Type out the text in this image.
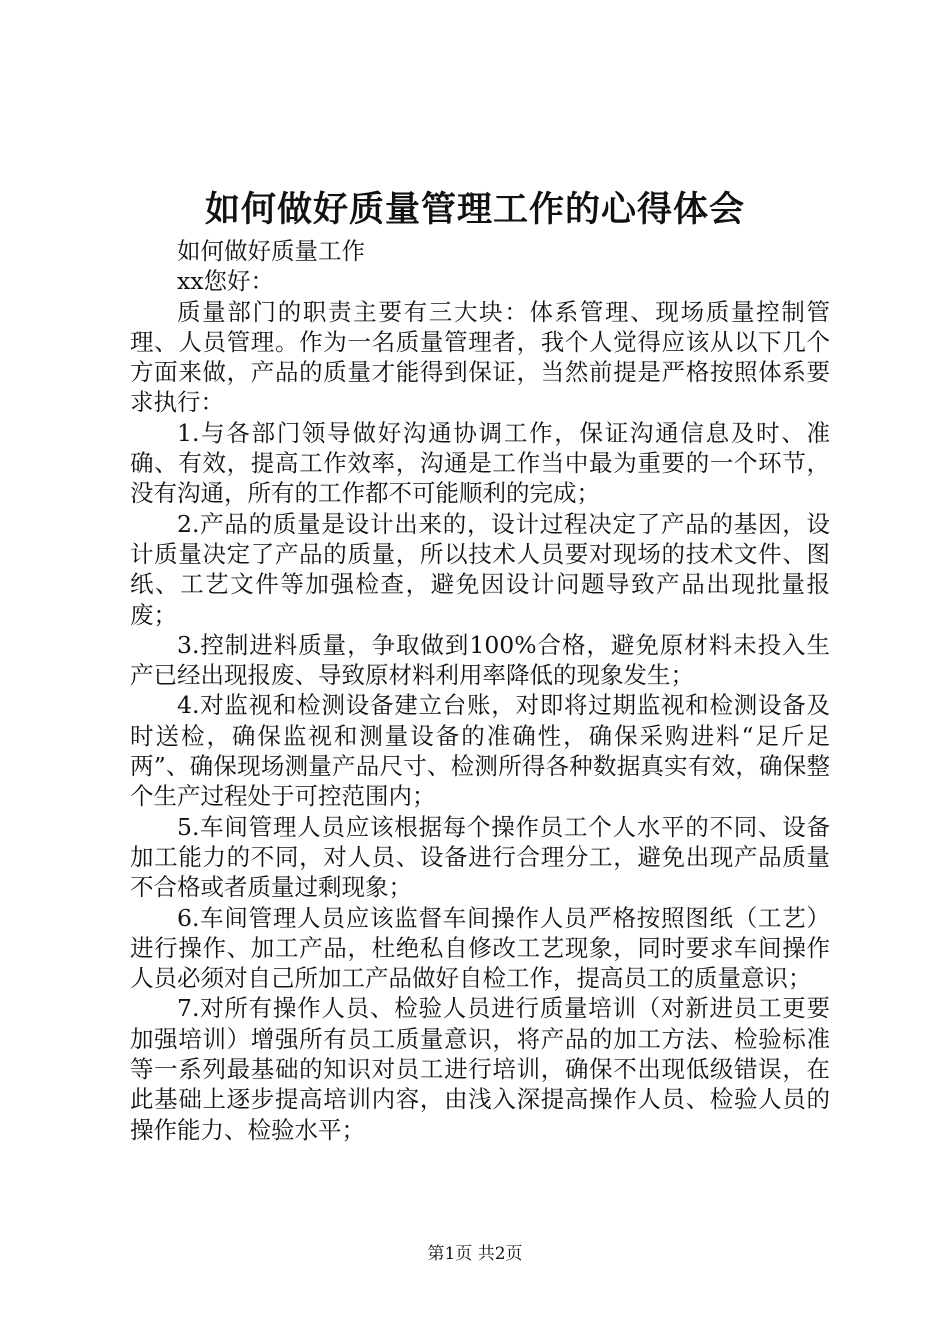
如何做好质量管理工作的心得体会

如何做好质量工作

xx您好：

质量部门的职责主要有三大块：体系管理、现场质量控制管理、人员管理。作为一名质量管理者，我个人觉得应该从以下几个方面来做，产品的质量才能得到保证，当然前提是严格按照体系要求执行：

1.与各部门领导做好沟通协调工作，保证沟通信息及时、准确、有效，提高工作效率，沟通是工作当中最为重要的一个环节，没有沟通，所有的工作都不可能顺利的完成；

2.产品的质量是设计出来的，设计过程决定了产品的基因，设计质量决定了产品的质量，所以技术人员要对现场的技术文件、图纸、工艺文件等加强检查，避免因设计问题导致产品出现批量报废；

3.控制进料质量，争取做到100%合格，避免原材料未投入生产已经出现报废、导致原材料利用率降低的现象发生；

4.对监视和检测设备建立台账，对即将过期监视和检测设备及时送检，确保监视和测量设备的准确性，确保采购进料“足斤足两”、确保现场测量产品尺寸、检测所得各种数据真实有效，确保整个生产过程处于可控范围内；

5.车间管理人员应该根据每个操作员工个人水平的不同、设备加工能力的不同，对人员、设备进行合理分工，避免出现产品质量不合格或者质量过剩现象；

6.车间管理人员应该监督车间操作人员严格按照图纸（工艺）进行操作、加工产品，杜绝私自修改工艺现象，同时要求车间操作人员必须对自己所加工产品做好自检工作，提高员工的质量意识；

7.对所有操作人员、检验人员进行质量培训（对新进员工更要加强培训）增强所有员工质量意识，将产品的加工方法、检验标准等一系列最基础的知识对员工进行培训，确保不出现低级错误，在此基础上逐步提高培训内容，由浅入深提高操作人员、检验人员的操作能力、检验水平；

第1页 共2页
